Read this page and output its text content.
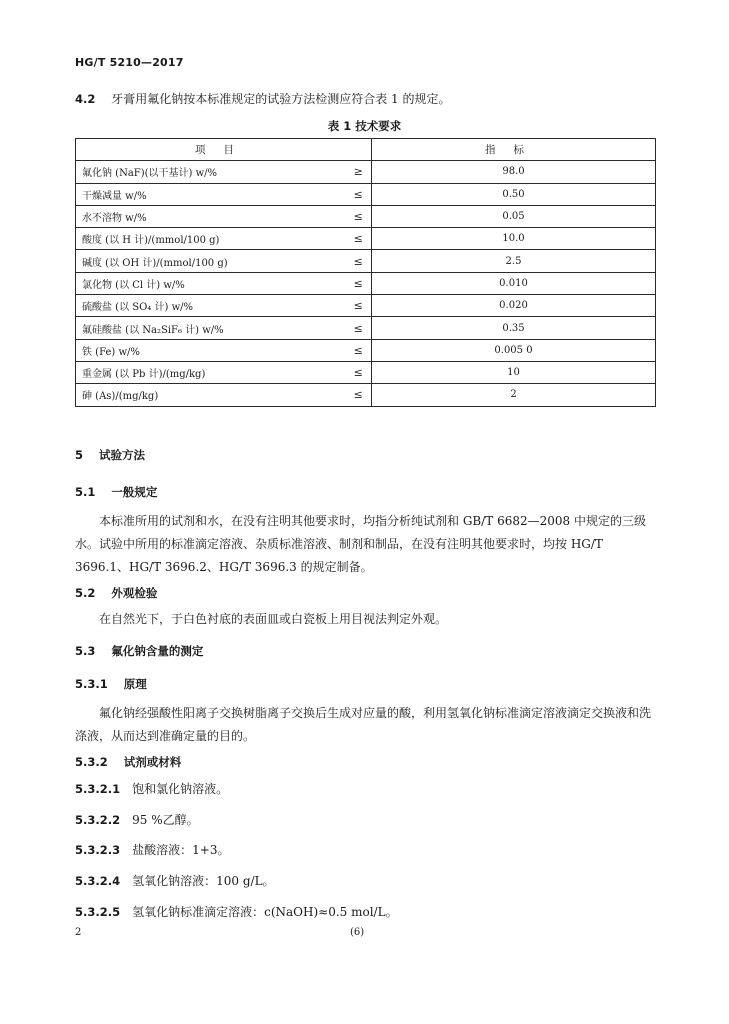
HG/T 5210—2017
4.2 牙膏用氟化钠按本标准规定的试验方法检测应符合表 1 的规定。
表 1 技术要求
项目		指标
氟化钠 (NaF)(以干基计) w/%	≥	98.0
干燥减量 w/%	≤	0.50
水不溶物 w/%	≤	0.05
酸度 (以 H 计)/(mmol/100 g)	≤	10.0
碱度 (以 OH 计)/(mmol/100 g)	≤	2.5
氯化物 (以 Cl 计) w/%	≤	0.010
硫酸盐 (以 SO₄ 计) w/%	≤	0.020
氟硅酸盐 (以 Na₂SiF₆ 计) w/%	≤	0.35
铁 (Fe) w/%	≤	0.005 0
重金属 (以 Pb 计)/(mg/kg)	≤	10
砷 (As)/(mg/kg)	≤	2
5 试验方法
5.1 一般规定
本标准所用的试剂和水，在没有注明其他要求时，均指分析纯试剂和 GB/T 6682—2008 中规定的三级水。试验中所用的标准滴定溶液、杂质标准溶液、制剂和制品，在没有注明其他要求时，均按 HG/T 3696.1、HG/T 3696.2、HG/T 3696.3 的规定制备。
5.2 外观检验
在自然光下，于白色衬底的表面皿或白瓷板上用目视法判定外观。
5.3 氟化钠含量的测定
5.3.1 原理
氟化钠经强酸性阳离子交换树脂离子交换后生成对应量的酸，利用氢氧化钠标准滴定溶液滴定交换液和洗涤液，从而达到准确定量的目的。
5.3.2 试剂或材料
5.3.2.1 饱和氯化钠溶液。
5.3.2.2 95 %乙醇。
5.3.2.3 盐酸溶液：1+3。
5.3.2.4 氢氧化钠溶液：100 g/L。
5.3.2.5 氢氧化钠标准滴定溶液：c(NaOH)≈0.5 mol/L。
2	(6)
